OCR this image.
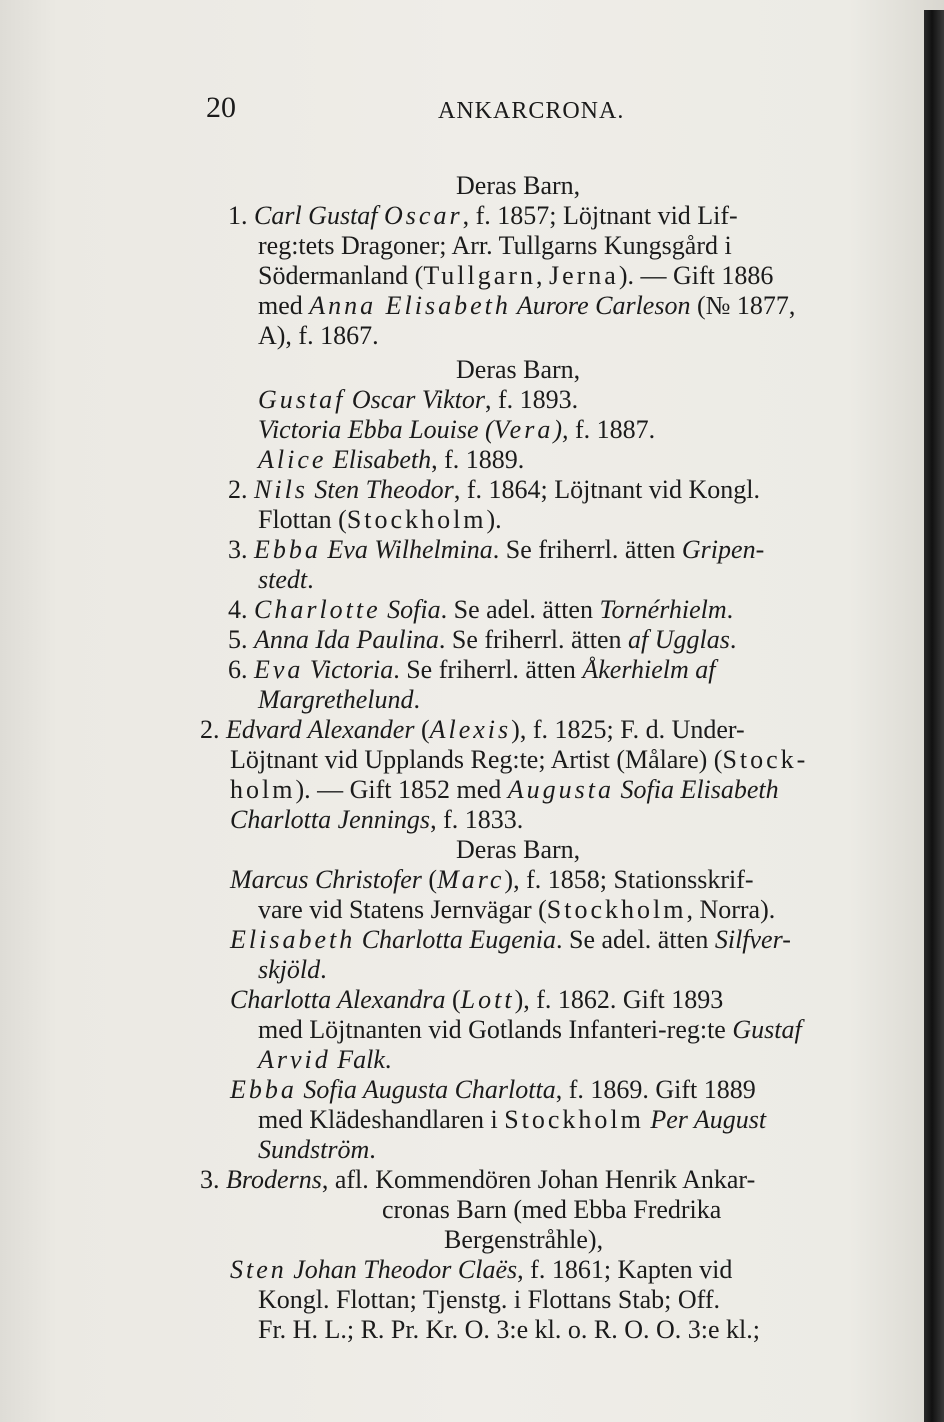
20	ANKARCRONA.
Deras Barn,
1. Carl Gustaf Oscar, f. 1857; Löjtnant vid Lif-
reg:tets Dragoner; Arr. Tullgarns Kungsgård i
Södermanland (Tullgarn, Jerna). — Gift 1886
med Anna Elisabeth Aurore Carleson (№ 1877,
A), f. 1867.
Deras Barn,
Gustaf Oscar Viktor, f. 1893.
Victoria Ebba Louise (Vera), f. 1887.
Alice Elisabeth, f. 1889.
2. Nils Sten Theodor, f. 1864; Löjtnant vid Kongl.
Flottan (Stockholm).
3. Ebba Eva Wilhelmina. Se friherrl. ätten Gripen-
stedt.
4. Charlotte Sofia. Se adel. ätten Tornérhielm.
5. Anna Ida Paulina. Se friherrl. ätten af Ugglas.
6. Eva Victoria. Se friherrl. ätten Åkerhielm af
Margrethelund.
2. Edvard Alexander (Alexis), f. 1825; F. d. Under-
Löjtnant vid Upplands Reg:te; Artist (Målare) (Stock-
holm). — Gift 1852 med Augusta Sofia Elisabeth
Charlotta Jennings, f. 1833.
Deras Barn,
Marcus Christofer (Marc), f. 1858; Stationsskrif-
vare vid Statens Jernvägar (Stockholm, Norra).
Elisabeth Charlotta Eugenia. Se adel. ätten Silfver-
skjöld.
Charlotta Alexandra (Lott), f. 1862. Gift 1893
med Löjtnanten vid Gotlands Infanteri-reg:te Gustaf
Arvid Falk.
Ebba Sofia Augusta Charlotta, f. 1869. Gift 1889
med Klädeshandlaren i Stockholm Per August
Sundström.
3. Broderns, afl. Kommendören Johan Henrik Ankar-
cronas Barn (med Ebba Fredrika
Bergenstråhle),
Sten Johan Theodor Claës, f. 1861; Kapten vid
Kongl. Flottan; Tjenstg. i Flottans Stab; Off.
Fr. H. L.; R. Pr. Kr. O. 3:e kl. o. R. O. O. 3:e kl.;
